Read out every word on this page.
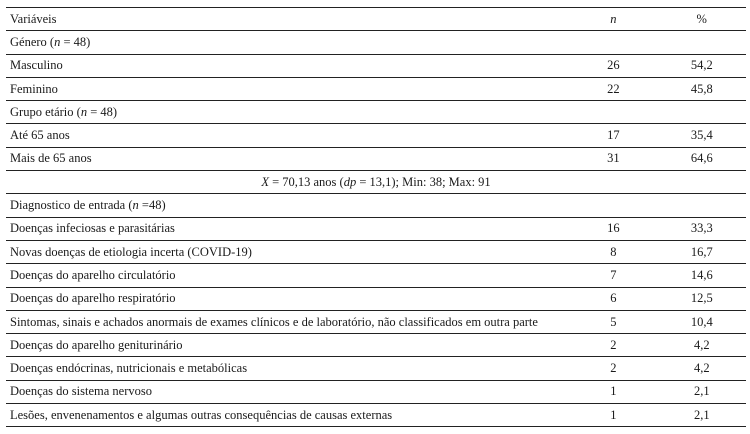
Variáveis	n	%
Género (n = 48)		
Masculino	26	54,2
Feminino	22	45,8
Grupo etário (n = 48)		
Até 65 anos	17	35,4
Mais de 65 anos	31	64,6
X = 70,13 anos (dp = 13,1); Min: 38; Max: 91		
Diagnostico de entrada (n =48)		
Doenças infeciosas e parasitárias	16	33,3
Novas doenças de etiologia incerta (COVID-19)	8	16,7
Doenças do aparelho circulatório	7	14,6
Doenças do aparelho respiratório	6	12,5
Sintomas, sinais e achados anormais de exames clínicos e de laboratório, não classificados em outra parte	5	10,4
Doenças do aparelho geniturinário	2	4,2
Doenças endócrinas, nutricionais e metabólicas	2	4,2
Doenças do sistema nervoso	1	2,1
Lesões, envenenamentos e algumas outras consequências de causas externas	1	2,1
